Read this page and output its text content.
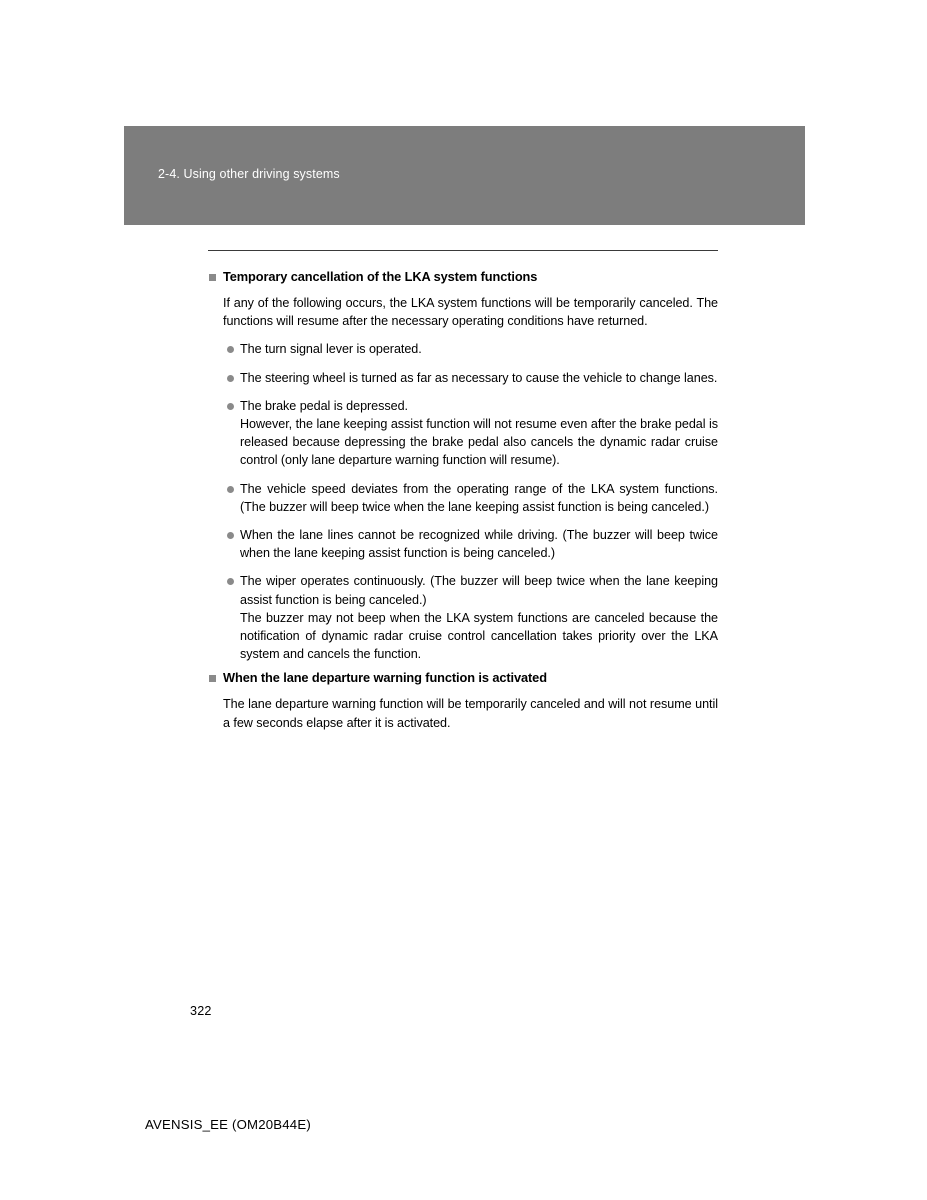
2-4. Using other driving systems
Temporary cancellation of the LKA system functions

If any of the following occurs, the LKA system functions will be temporarily canceled. The functions will resume after the necessary operating conditions have returned.

The turn signal lever is operated.
The steering wheel is turned as far as necessary to cause the vehicle to change lanes.
The brake pedal is depressed.
However, the lane keeping assist function will not resume even after the brake pedal is released because depressing the brake pedal also cancels the dynamic radar cruise control (only lane departure warning function will resume).
The vehicle speed deviates from the operating range of the LKA system functions. (The buzzer will beep twice when the lane keeping assist function is being canceled.)
When the lane lines cannot be recognized while driving. (The buzzer will beep twice when the lane keeping assist function is being canceled.)
The wiper operates continuously. (The buzzer will beep twice when the lane keeping assist function is being canceled.)
The buzzer may not beep when the LKA system functions are canceled because the notification of dynamic radar cruise control cancellation takes priority over the LKA system and cancels the function.
When the lane departure warning function is activated

The lane departure warning function will be temporarily canceled and will not resume until a few seconds elapse after it is activated.

322
AVENSIS_EE (OM20B44E)
